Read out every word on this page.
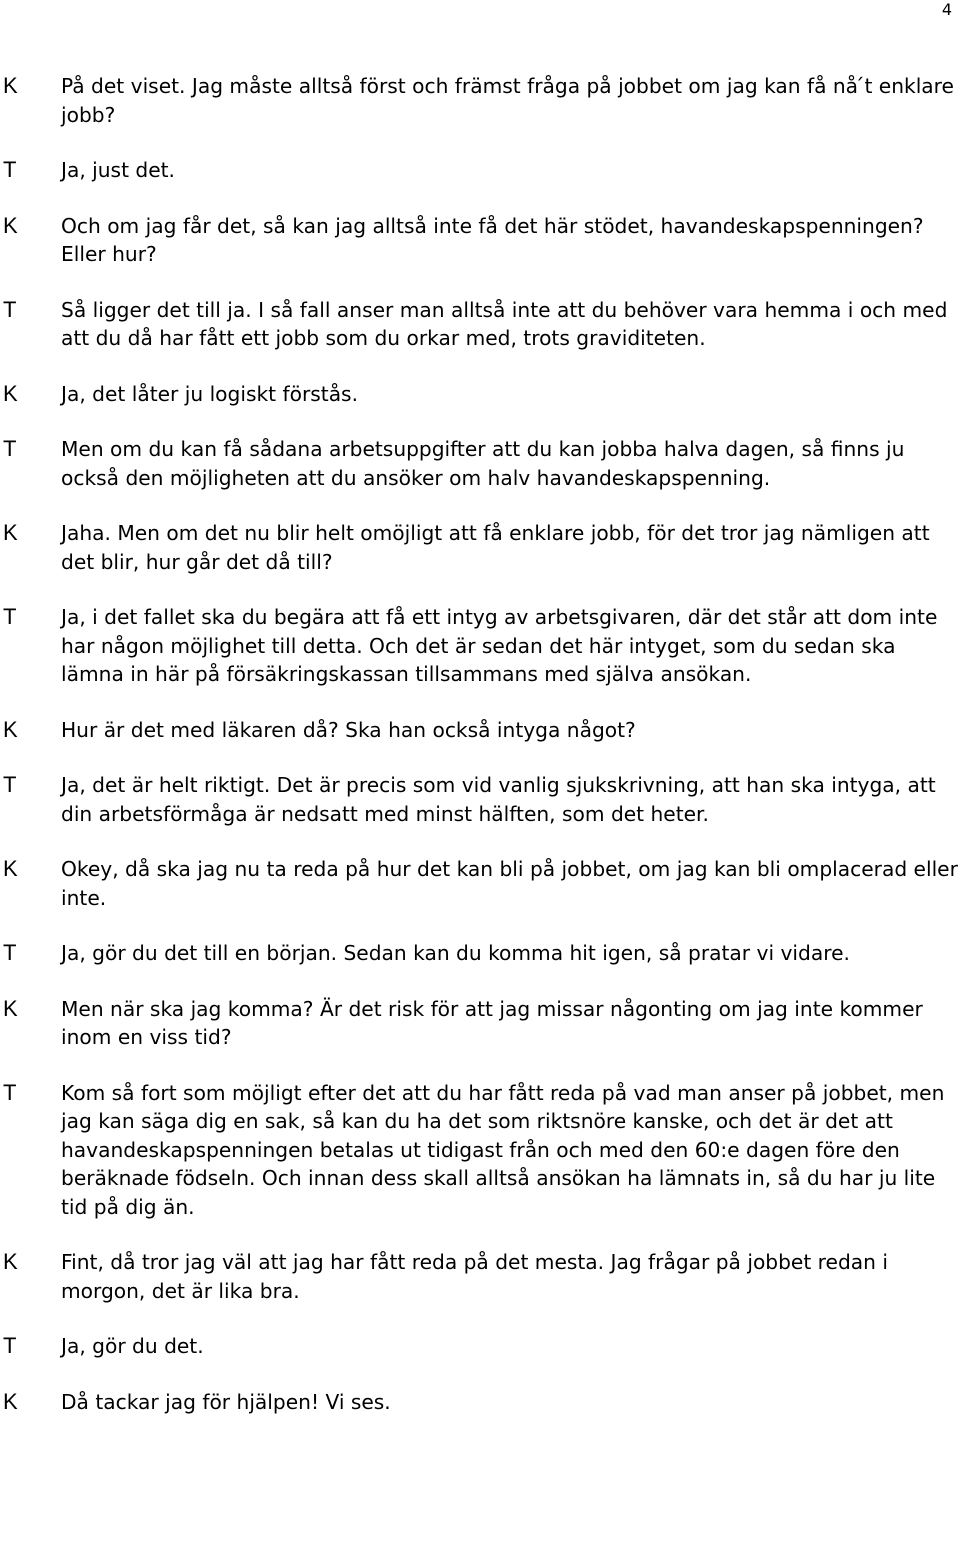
4
K På det viset. Jag måste alltså först och främst fråga på jobbet om jag kan få nå ́t enklare jobb?
T Ja, just det.
K Och om jag får det, så kan jag alltså inte få det här stödet, havandeskapspenningen? Eller hur?
T Så ligger det till ja. I så fall anser man alltså inte att du behöver vara hemma i och med att du då har fått ett jobb som du orkar med, trots graviditeten.
K Ja, det låter ju logiskt förstås.
T Men om du kan få sådana arbetsuppgifter att du kan jobba halva dagen, så finns ju också den möjligheten att du ansöker om halv havandeskapspenning.
K Jaha. Men om det nu blir helt omöjligt att få enklare jobb, för det tror jag nämligen att det blir, hur går det då till?
T Ja, i det fallet ska du begära att få ett intyg av arbetsgivaren, där det står att dom inte har någon möjlighet till detta. Och det är sedan det här intyget, som du sedan ska lämna in här på försäkringskassan tillsammans med själva ansökan.
K Hur är det med läkaren då? Ska han också intyga något?
T Ja, det är helt riktigt. Det är precis som vid vanlig sjukskrivning, att han ska intyga, att din arbetsförmåga är nedsatt med minst hälften, som det heter.
K Okey, då ska jag nu ta reda på hur det kan bli på jobbet, om jag kan bli omplacerad eller inte.
T Ja, gör du det till en början. Sedan kan du komma hit igen, så pratar vi vidare.
K Men när ska jag komma? Är det risk för att jag missar någonting om jag inte kommer inom en viss tid?
T Kom så fort som möjligt efter det att du har fått reda på vad man anser på jobbet, men jag kan säga dig en sak, så kan du ha det som riktsnöre kanske, och det är det att havandeskapspenningen betalas ut tidigast från och med den 60:e dagen före den beräknade födseln. Och innan dess skall alltså ansökan ha lämnats in, så du har ju lite tid på dig än.
K Fint, då tror jag väl att jag har fått reda på det mesta. Jag frågar på jobbet redan i morgon, det är lika bra.
T Ja, gör du det.
K Då tackar jag för hjälpen! Vi ses.
